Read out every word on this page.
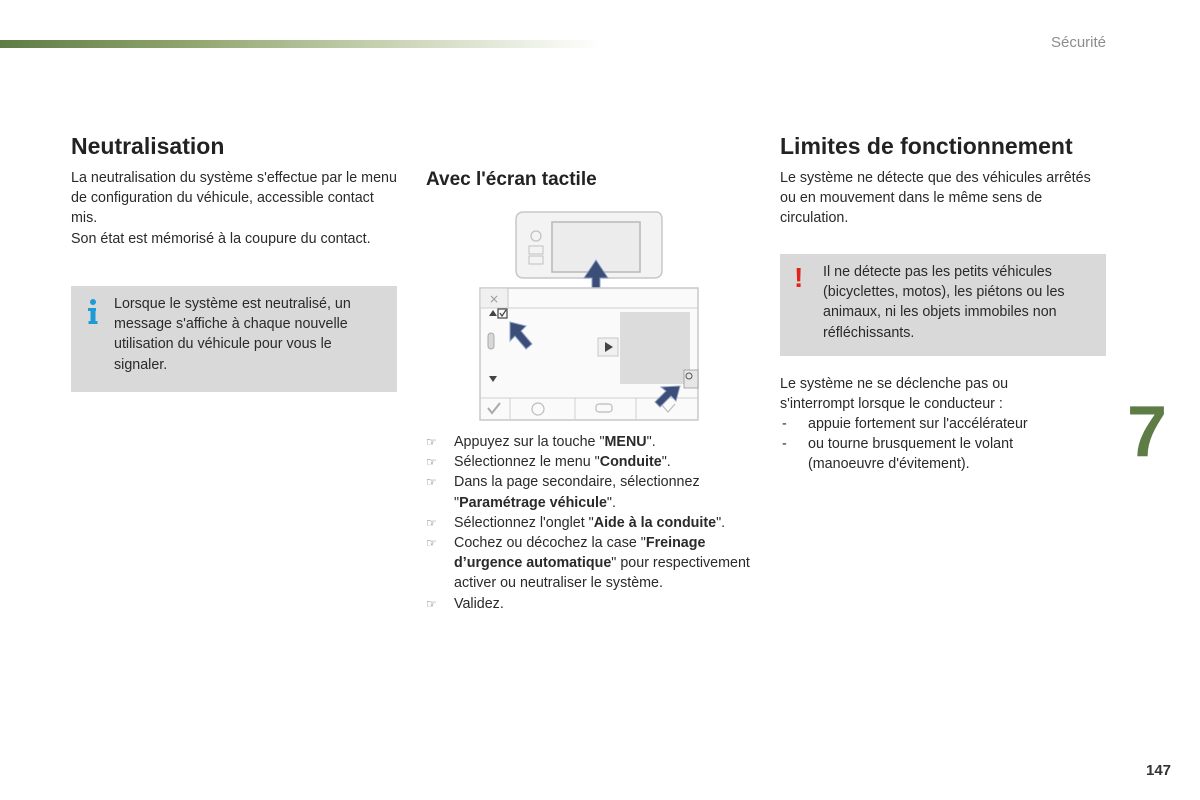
Sécurité
Neutralisation

La neutralisation du système s'effectue par le menu de configuration du véhicule, accessible contact mis.

Son état est mémorisé à la coupure du contact.

Lorsque le système est neutralisé, un message s'affiche à chaque nouvelle utilisation du véhicule pour vous le signaler.
Avec l'écran tactile
×
☞ Appuyez sur la touche "MENU".
☞ Sélectionnez le menu "Conduite".
☞ Dans la page secondaire, sélectionnez "Paramétrage véhicule".
☞ Sélectionnez l'onglet "Aide à la conduite".
☞ Cochez ou décochez la case "Freinage d’urgence automatique" pour respectivement activer ou neutraliser le système.
☞ Validez.
Limites de fonctionnement
Le système ne détecte que des véhicules arrêtés ou en mouvement dans le même sens de circulation.
! Il ne détecte pas les petits véhicules (bicyclettes, motos), les piétons ou les animaux, ni les objets immobiles non réfléchissants.
Le système ne se déclenche pas ou s'interrompt lorsque le conducteur :
- appuie fortement sur l'accélérateur
- ou tourne brusquement le volant (manoeuvre d'évitement).	7
147
